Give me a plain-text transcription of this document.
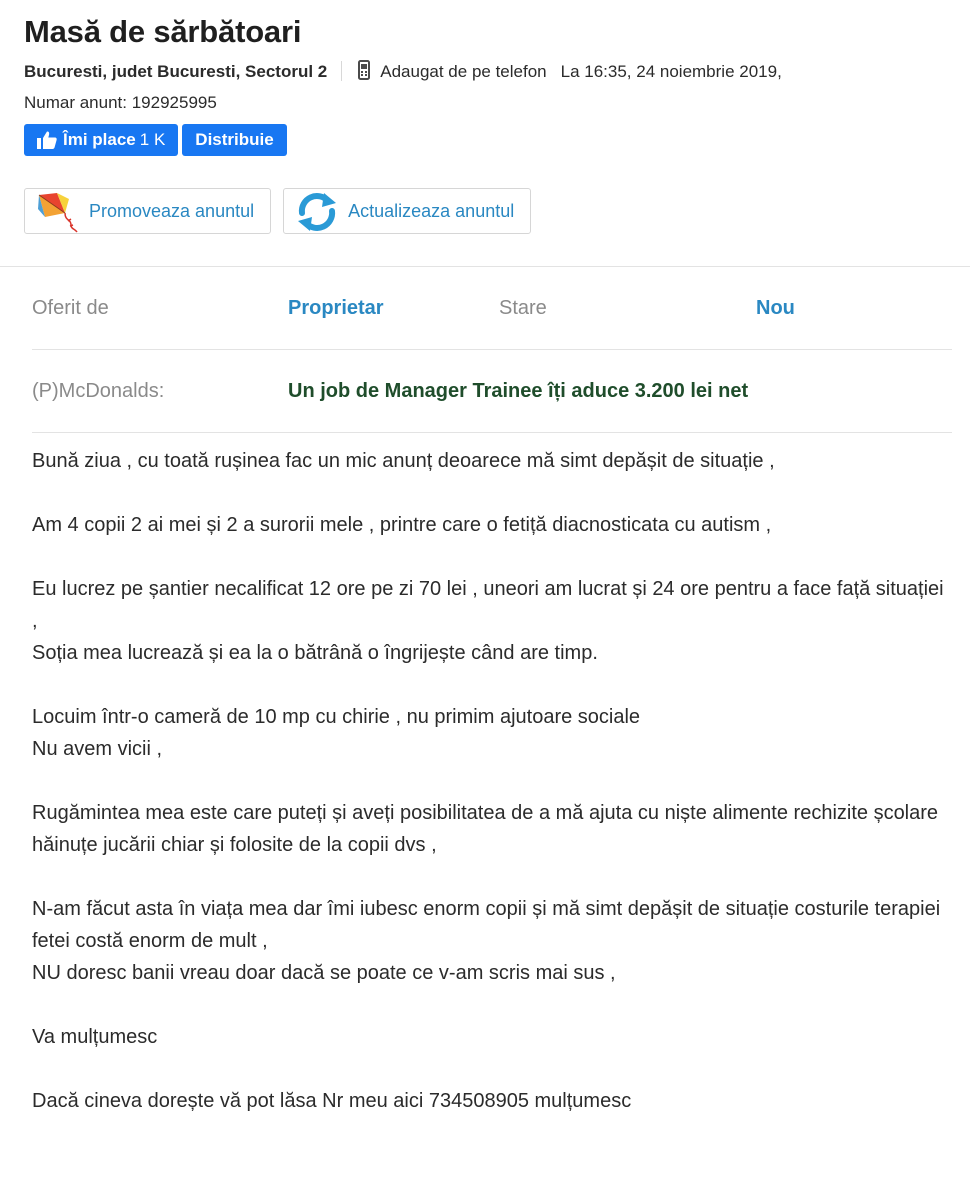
Masă de sărbătoari
Bucuresti, judet Bucuresti, Sectorul 2	Adaugat de pe telefon La 16:35, 24 noiembrie 2019,
Numar anunt: 192925995
Îmi place 1 K Distribuie
Promoveaza anuntul	Actualizeaza anuntul
Oferit de	Proprietar	Stare	Nou
(P)McDonalds:	Un job de Manager Trainee îți aduce 3.200 lei net

Bună ziua , cu toată rușinea fac un mic anunț deoarece mă simt depășit de situație ,

Am 4 copii 2 ai mei și 2 a surorii mele , printre care o fetiță diacnosticata cu autism ,

Eu lucrez pe șantier necalificat 12 ore pe zi 70 lei , uneori am lucrat și 24 ore pentru a face față situației ,
Soția mea lucrează și ea la o bătrână o îngrijește când are timp.

Locuim într-o cameră de 10 mp cu chirie , nu primim ajutoare sociale
Nu avem vicii ,

Rugămintea mea este care puteți și aveți posibilitatea de a mă ajuta cu niște alimente rechizite școlare hăinuțe jucării chiar și folosite de la copii dvs ,

N-am făcut asta în viața mea dar îmi iubesc enorm copii și mă simt depășit de situație costurile terapiei fetei costă enorm de mult ,
NU doresc banii vreau doar dacă se poate ce v-am scris mai sus ,

Va mulțumesc

Dacă cineva dorește vă pot lăsa Nr meu aici 734508905 mulțumesc
